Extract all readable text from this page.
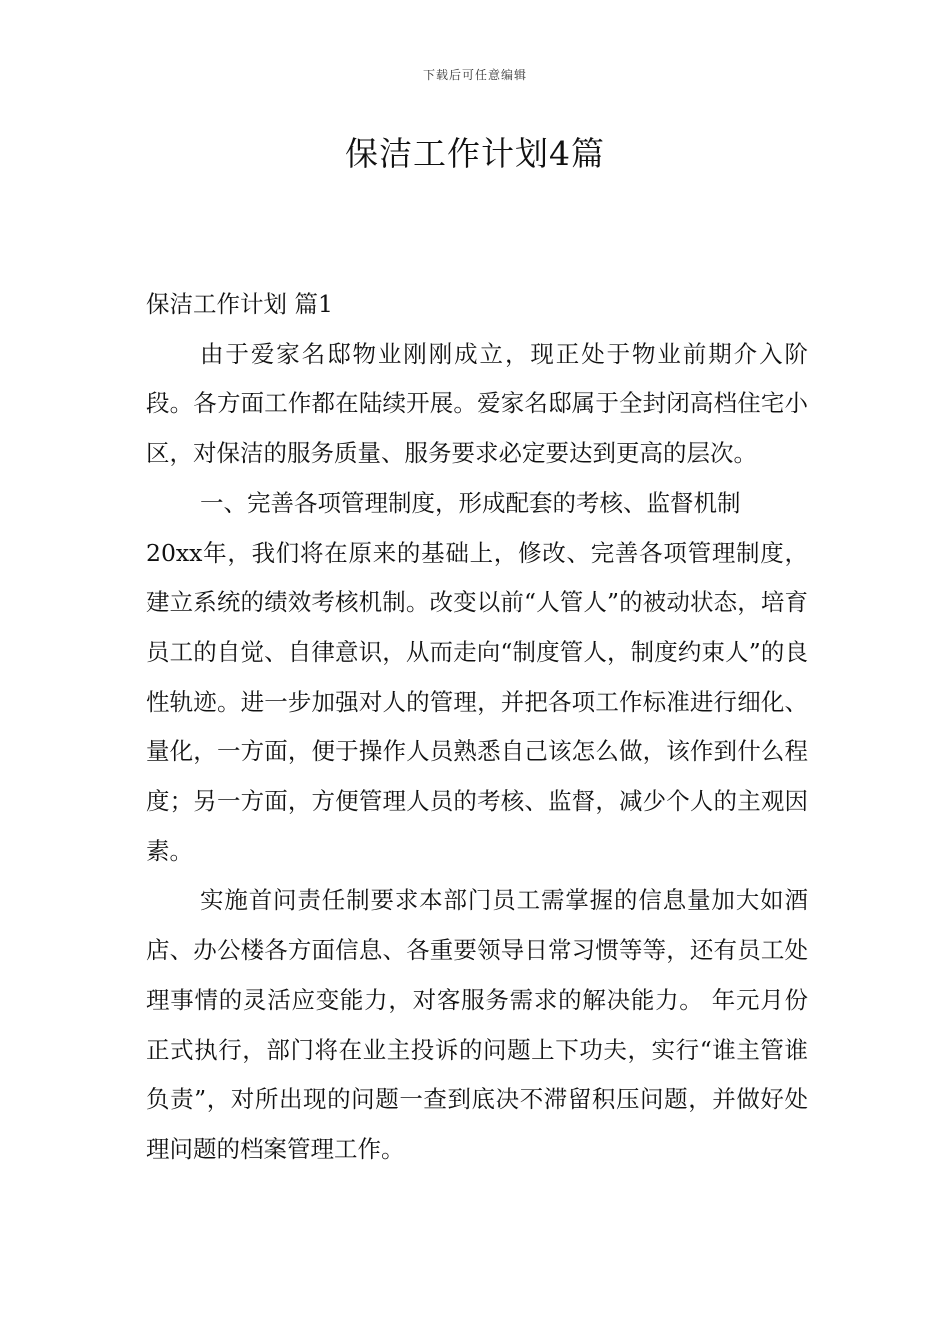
下载后可任意编辑
保洁工作计划4篇

保洁工作计划 篇1

由于爱家名邸物业刚刚成立，现正处于物业前期介入阶段。各方面工作都在陆续开展。爱家名邸属于全封闭高档住宅小区，对保洁的服务质量、服务要求必定要达到更高的层次。

一、完善各项管理制度，形成配套的考核、监督机制

20xx年，我们将在原来的基础上，修改、完善各项管理制度，建立系统的绩效考核机制。改变以前“人管人”的被动状态，培育员工的自觉、自律意识，从而走向“制度管人，制度约束人”的良性轨迹。进一步加强对人的管理，并把各项工作标准进行细化、量化，一方面，便于操作人员熟悉自己该怎么做，该作到什么程度；另一方面，方便管理人员的考核、监督，减少个人的主观因素。

实施首问责任制要求本部门员工需掌握的信息量加大如酒店、办公楼各方面信息、各重要领导日常习惯等等，还有员工处理事情的灵活应变能力，对客服务需求的解决能力。 年元月份正式执行，部门将在业主投诉的问题上下功夫，实行“谁主管谁负责”，对所出现的问题一查到底决不滞留积压问题，并做好处理问题的档案管理工作。
